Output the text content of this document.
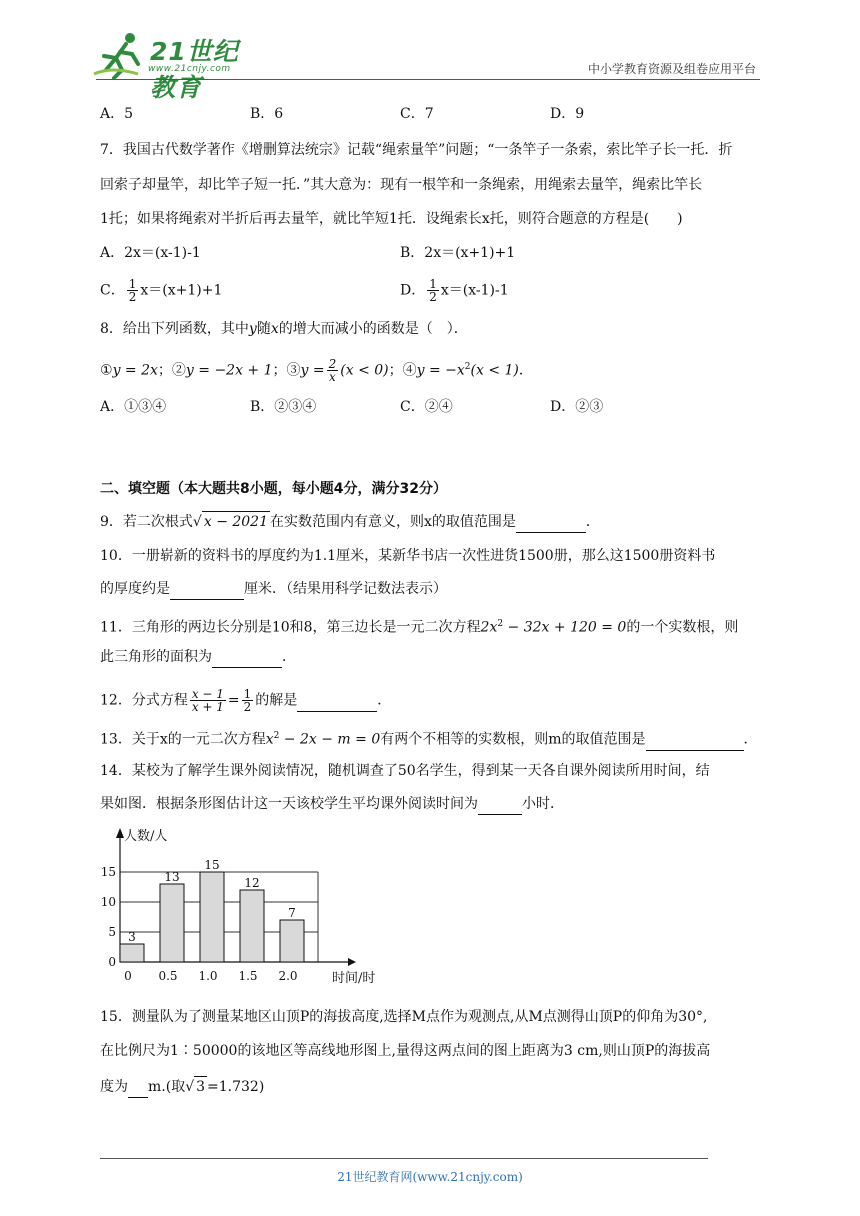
21世纪教育
www.21cnjy.com	中小学教育资源及组卷应用平台
A．5	B．6	C．7	D．9
7．我国古代数学著作《增删算法统宗》记载“绳索量竿”问题；“一条竿子一条索，索比竿子长一托．折
回索子却量竿，却比竿子短一托．”其大意为：现有一根竿和一条绳索，用绳索去量竿，绳索比竿长
1托；如果将绳索对半折后再去量竿，就比竿短1托．设绳索长x托，则符合题意的方程是(　　)
A．2x＝(x-1)-1	B．2x＝(x+1)+1
C． $\frac{1}{2} x=(x+1)+1$	D． $\frac{1}{2} x=(x-1)-1$
8．给出下列函数，其中y随x的增大而减小的函数是（　）．
①y = 2x；②y = −2x + 1；③y = $\frac{2}{x} (x < 0)$；④y = $-x^2(x < 1)$．
A．①③④	B．②③④	C．②④	D．②③
二、填空题（本大题共8小题，每小题4分，满分32分）
9．若二次根式√ x − 2021 在实数范围内有意义，则x的取值范围是	．
10．一册崭新的资料书的厚度约为1.1厘米，某新华书店一次性进货1500册，那么这1500册资料书
的厚度约是	厘米．（结果用科学记数法表示）
11．三角形的两边长分别是10和8，第三边长是一元二次方程$2x^2 - 32x + 120 = 0$的一个实数根，则
此三角形的面积为	．
12．分式方程 $\frac{x - 1}{x + 1} = \frac{1}{2}$ 的解是	．
13．关于x的一元二次方程$x^2 - 2x - m = 0$有两个不相等的实数根，则m的取值范围是	．
14．某校为了解学生课外阅读情况，随机调查了50名学生，得到某一天各自课外阅读所用时间，结
果如图．根据条形图估计这一天该校学生平均课外阅读时间为	小时．
0
5
10
15
人数/人
时间/时
3
0
13
0.5
15
1.0
12
1.5
7
2.0
15．测量队为了测量某地区山顶P的海拔高度,选择M点作为观测点,从M点测得山顶P的仰角为30°,
在比例尺为1∶50000的该地区等高线地形图上,量得这两点间的图上距离为3 cm,则山顶P的海拔高
度为 m.(取√ 3 =1.732)
21世纪教育网(www.21cnjy.com)
